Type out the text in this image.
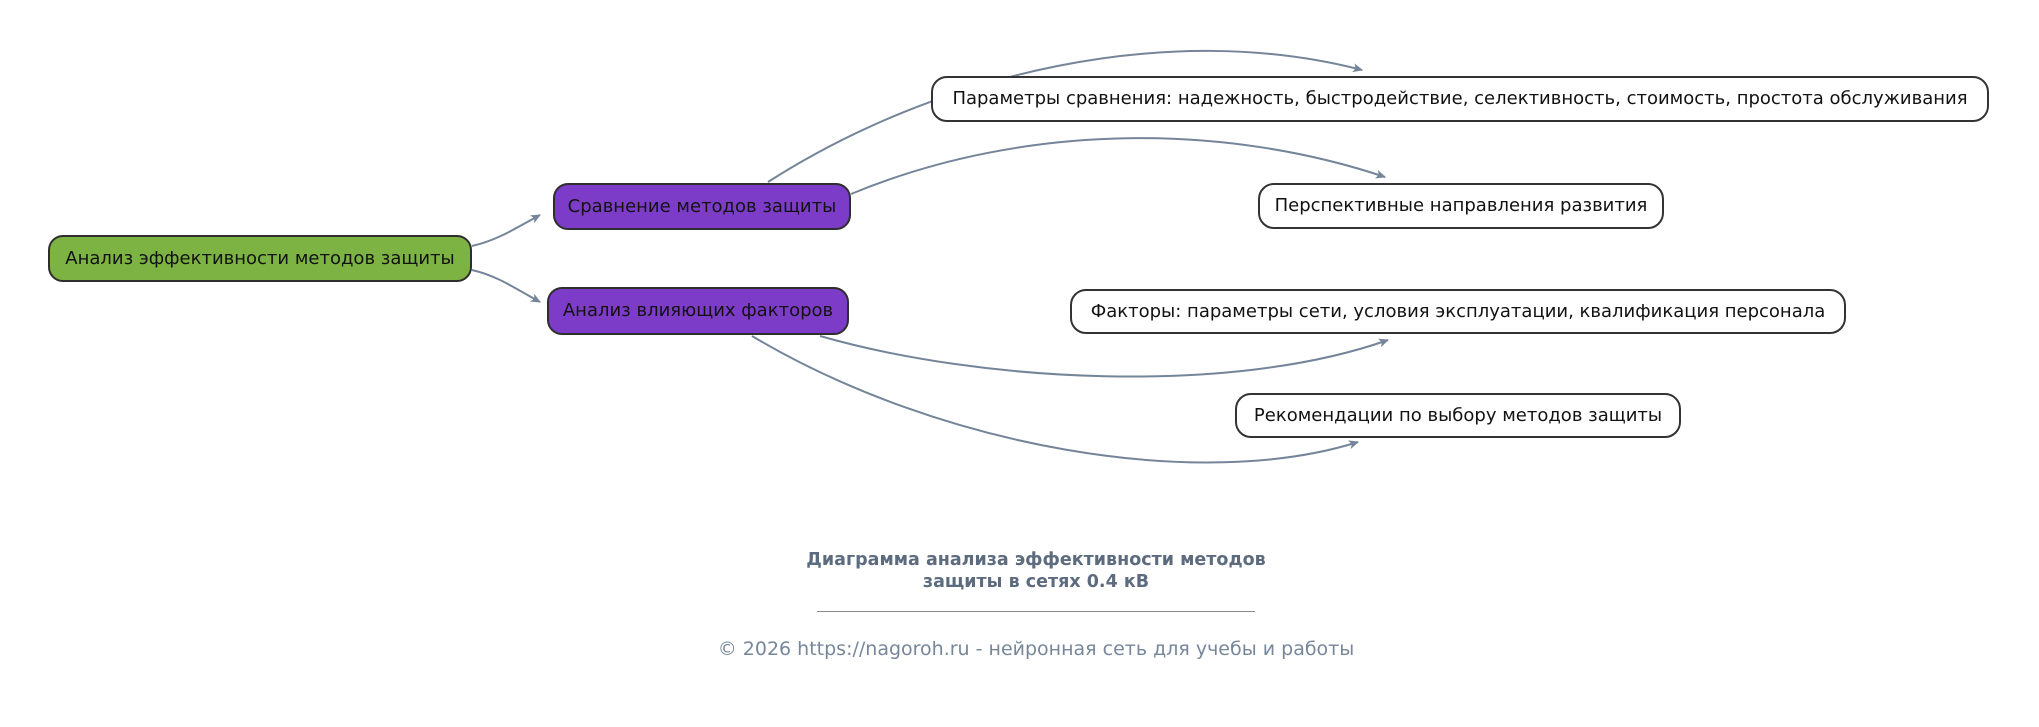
Анализ эффективности методов защиты
Сравнение методов защиты
Анализ влияющих факторов
Параметры сравнения: надежность, быстродействие, селективность, стоимость, простота обслуживания
Перспективные направления развития
Факторы: параметры сети, условия эксплуатации, квалификация персонала
Рекомендации по выбору методов защиты
Диаграмма анализа эффективности методов
защиты в сетях 0.4 кВ
© 2026 https://nagoroh.ru - нейронная сеть для учебы и работы
